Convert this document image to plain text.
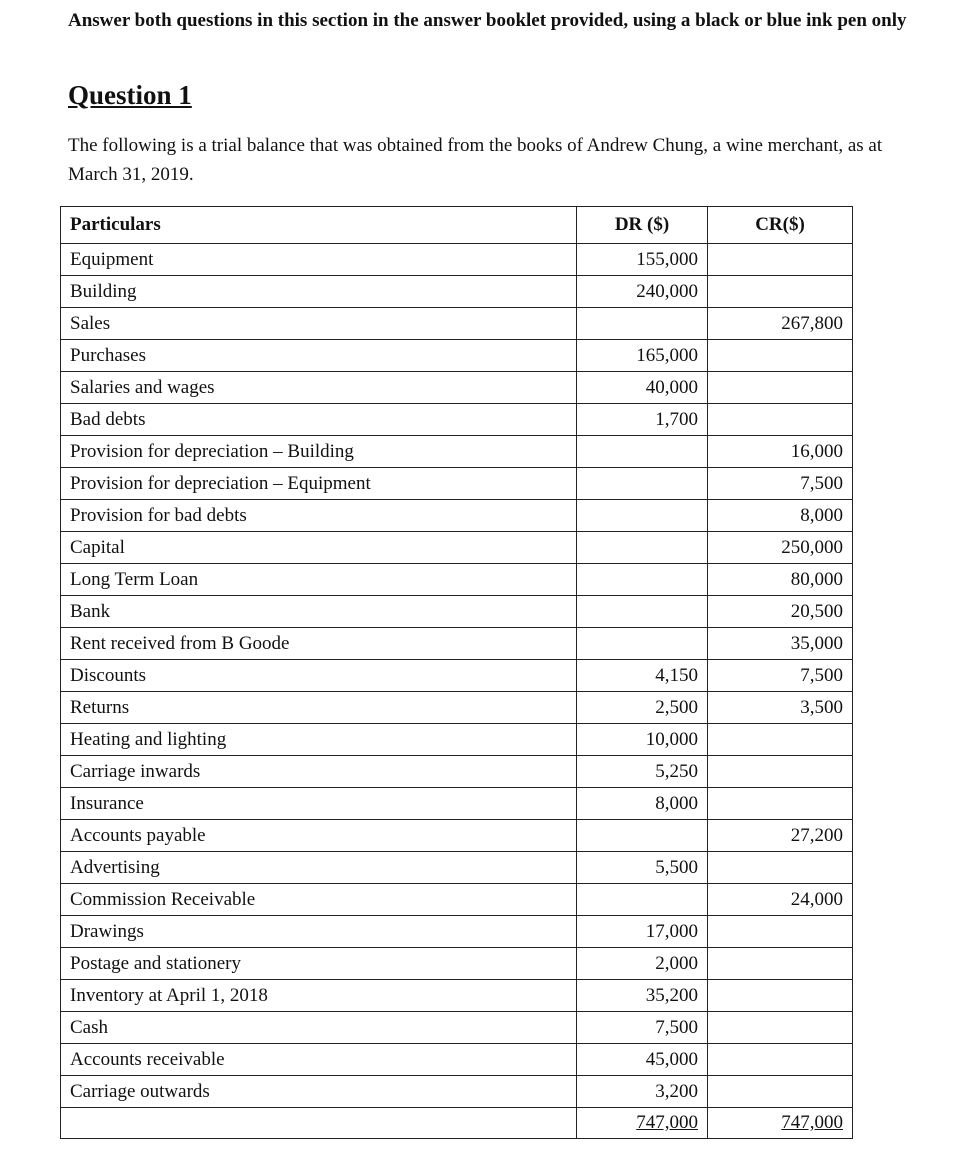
Answer both questions in this section in the answer booklet provided, using a black or blue ink pen only

Question 1

The following is a trial balance that was obtained from the books of Andrew Chung, a wine merchant, as at March 31, 2019.

Particulars	DR ($)	CR($)
Equipment	155,000	
Building	240,000	
Sales		267,800
Purchases	165,000	
Salaries and wages	40,000	
Bad debts	1,700	
Provision for depreciation – Building		16,000
Provision for depreciation – Equipment		7,500
Provision for bad debts		8,000
Capital		250,000
Long Term Loan		80,000
Bank		20,500
Rent received from B Goode		35,000
Discounts	4,150	7,500
Returns	2,500	3,500
Heating and lighting	10,000	
Carriage inwards	5,250	
Insurance	8,000	
Accounts payable		27,200
Advertising	5,500	
Commission Receivable		24,000
Drawings	17,000	
Postage and stationery	2,000	
Inventory at April 1, 2018	35,200	
Cash	7,500	
Accounts receivable	45,000	
Carriage outwards	3,200	
	747,000	747,000
